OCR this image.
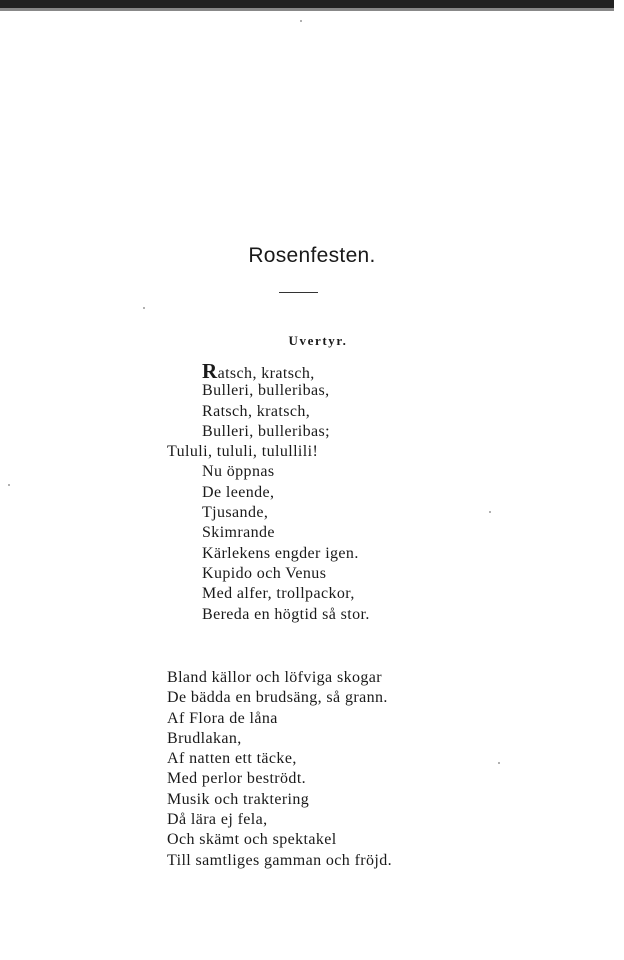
Rosenfesten.
Uvertyr.
Ratsch, kratsch,
Bulleri, bulleribas,
Ratsch, kratsch,
Bulleri, bulleribas;
Tululi, tululi, tulullili!
Nu öppnas
De leende,
Tjusande,
Skimrande
Kärlekens engder igen.
Kupido och Venus
Med alfer, trollpackor,
Bereda en högtid så stor.
Bland källor och löfviga skogar
De bädda en brudsäng, så grann.
Af Flora de låna
Brudlakan,
Af natten ett täcke,
Med perlor beströdt.
Musik och traktering
Då lära ej fela,
Och skämt och spektakel
Till samtliges gamman och fröjd.
